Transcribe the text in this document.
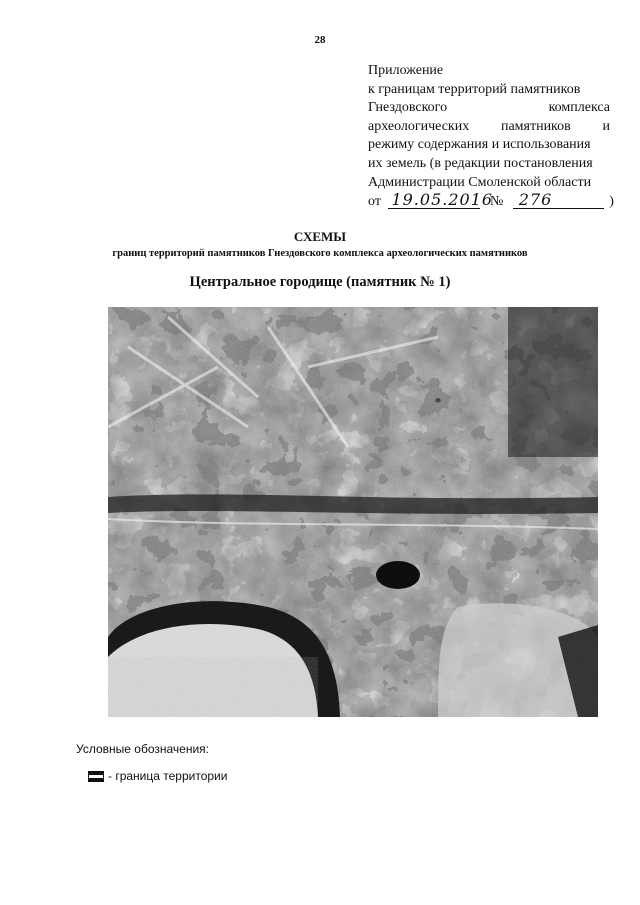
28
Приложение
к границам территорий памятников
Гнездовского	комплекса
археологических памятников и
режиму содержания и использования
их земель (в редакции постановления
Администрации Смоленской области
от 19.05.2016 № 276	)
СХЕМЫ
границ территорий памятников Гнездовского комплекса археологических памятников
Центральное городище (памятник № 1)
Условные обозначения:
- граница территории
